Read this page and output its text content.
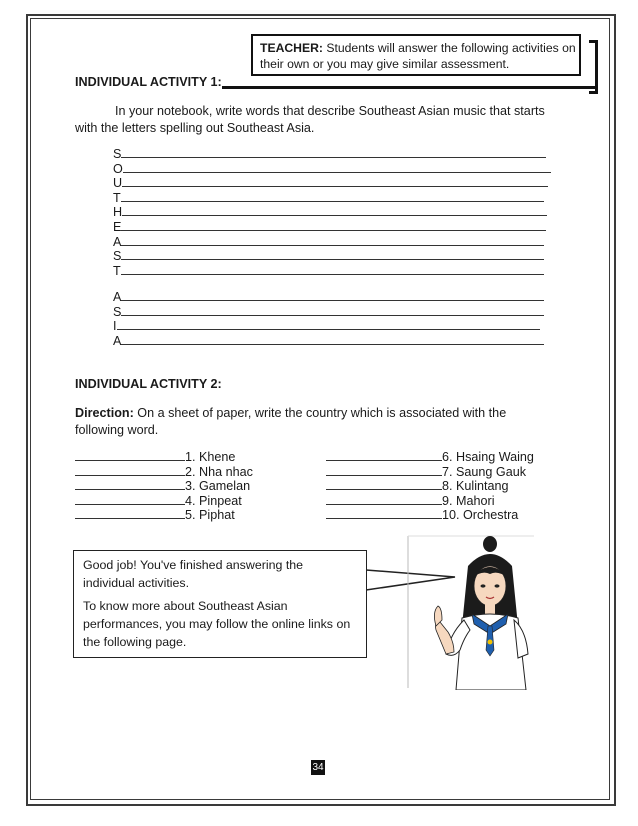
TEACHER: Students will answer the following activities on their own or you may give similar assessment.
INDIVIDUAL ACTIVITY 1:
In your notebook, write words that describe Southeast Asian music that starts with the letters spelling out Southeast Asia.
S
O
U
T
H
E
A
S
T
A
S
I
A
INDIVIDUAL ACTIVITY 2:
Direction: On a sheet of paper, write the country which is associated with the following word.
1. Khene
2. Nha nhac
3. Gamelan
4. Pinpeat
5. Piphat
6. Hsaing Waing
7. Saung Gauk
8. Kulintang
9. Mahori
10. Orchestra

Good job! You've finished answering the individual activities.

To know more about Southeast Asian performances, you may follow the online links on the following page.

34
